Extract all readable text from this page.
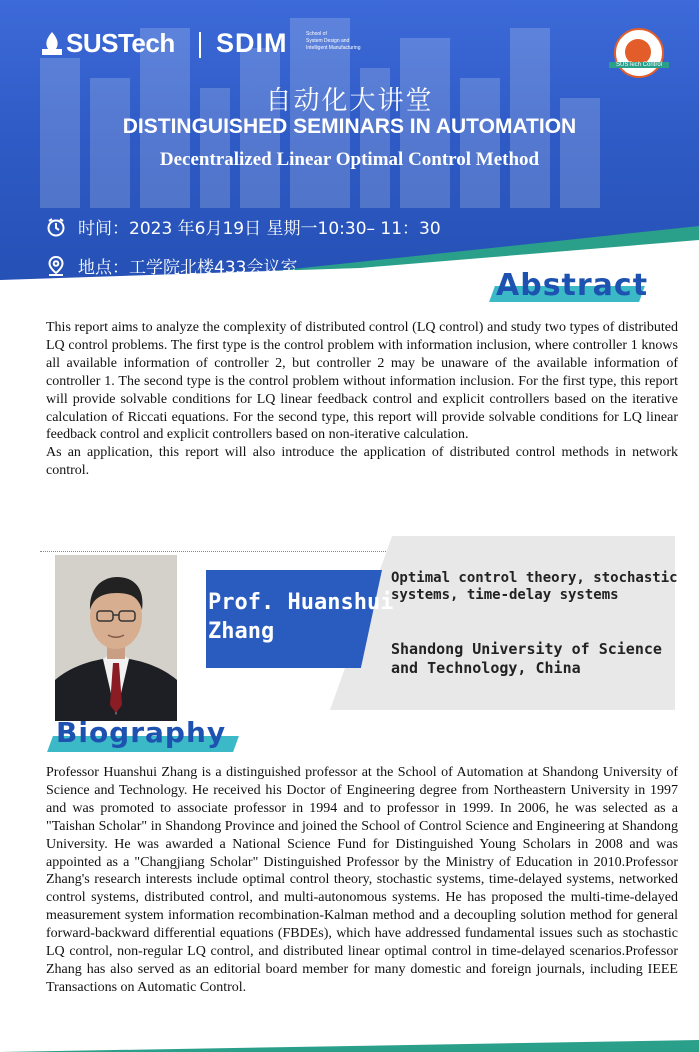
SUSTech SDIM	School of
System Design and
Intelligent Manufacturing
SUSTech Control
自动化大讲堂
DISTINGUISHED SEMINARS IN AUTOMATION
Decentralized Linear Optimal Control Method
时间：2023 年6月19日 星期一10:30– 11：30
地点：工学院北楼433会议室	Abstract

This report aims to analyze the complexity of distributed control (LQ control) and study two types of distributed LQ control problems. The first type is the control problem with information inclusion, where controller 1 knows all available information of controller 2, but controller 2 may be unaware of the available information of controller 1. The second type is the control problem without information inclusion. For the first type, this report will provide solvable conditions for LQ linear feedback control and explicit controllers based on the iterative calculation of Riccati equations. For the second type, this report will provide solvable conditions for LQ linear feedback control and explicit controllers based on non-iterative calculation.

As an application, this report will also introduce the application of distributed control methods in network control.

Prof. Huanshui Zhang
Optimal control theory, stochastic systems, time-delay systems
Shandong University of Science and Technology, China
Biography

Professor Huanshui Zhang is a distinguished professor at the School of Automation at Shandong University of Science and Technology. He received his Doctor of Engineering degree from Northeastern University in 1997 and was promoted to associate professor in 1994 and to professor in 1999. In 2006, he was selected as a "Taishan Scholar" in Shandong Province and joined the School of Control Science and Engineering at Shandong University. He was awarded a National Science Fund for Distinguished Young Scholars in 2008 and was appointed as a "Changjiang Scholar" Distinguished Professor by the Ministry of Education in 2010.Professor Zhang's research interests include optimal control theory, stochastic systems, time-delayed systems, networked control systems, distributed control, and multi-autonomous systems. He has proposed the multi-time-delayed measurement system information recombination-Kalman method and a decoupling solution method for general forward-backward differential equations (FBDEs), which have addressed fundamental issues such as stochastic LQ control, non-regular LQ control, and distributed linear optimal control in time-delayed scenarios.Professor Zhang has also served as an editorial board member for many domestic and foreign journals, including IEEE Transactions on Automatic Control.
